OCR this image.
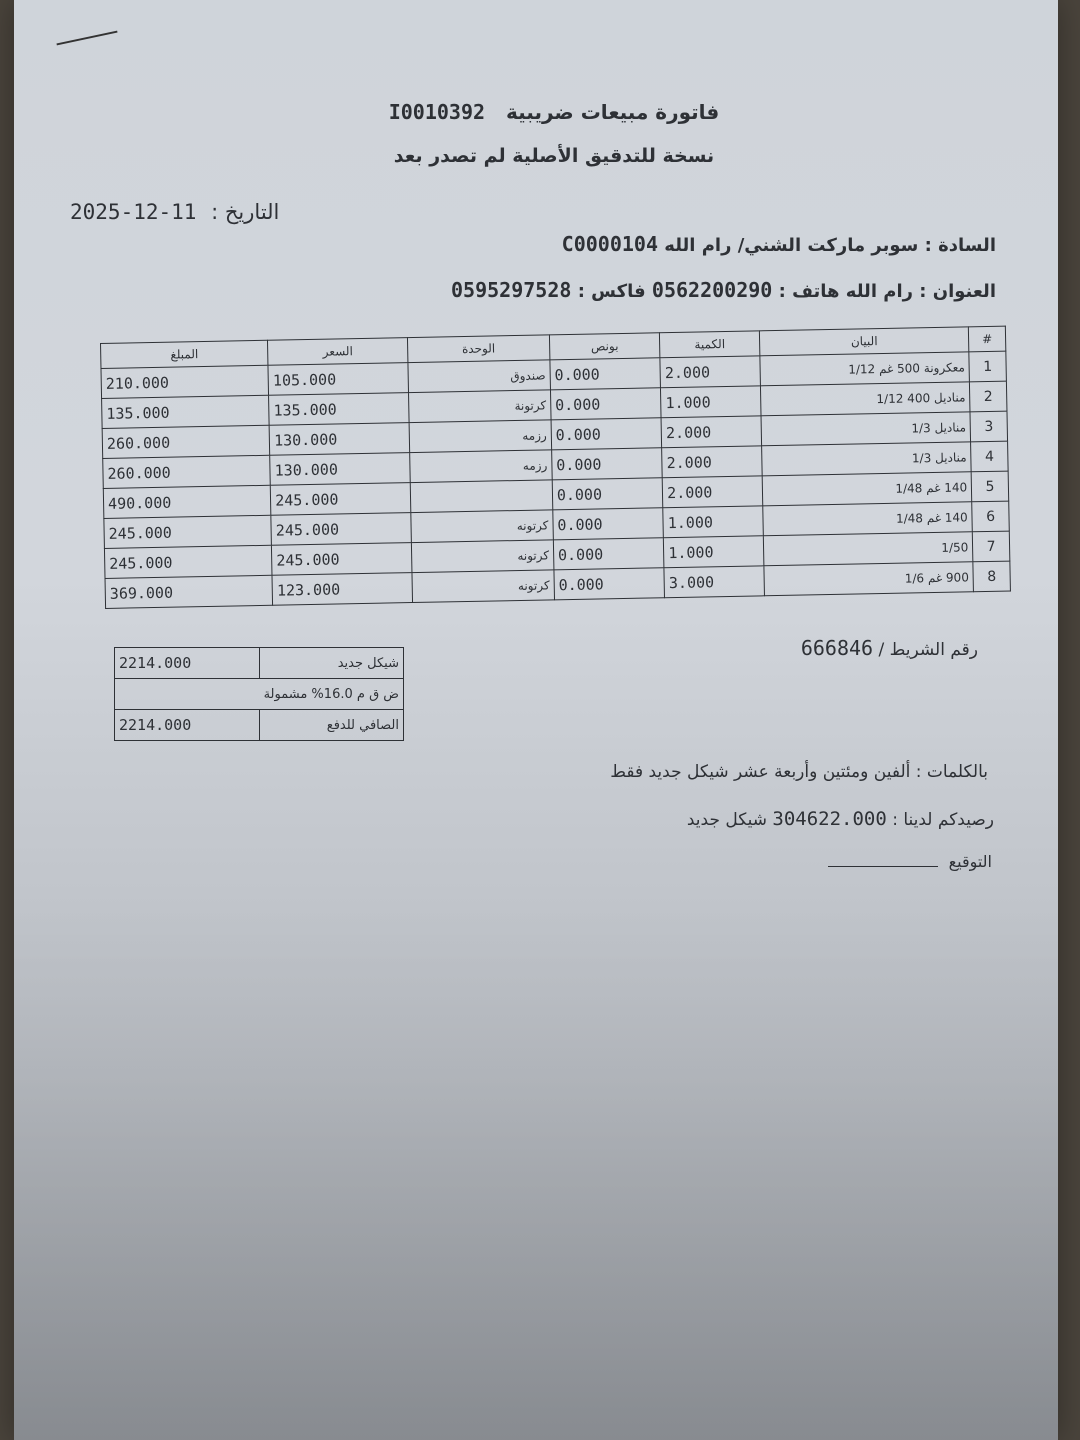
فاتورة مبيعات ضريبية I0010392
نسخة للتدقيق الأصلية لم تصدر بعد
التاريخ : 2025-12-11
السادة : سوبر ماركت الشني/ رام الله C0000104
العنوان : رام الله هاتف : 0562200290 فاكس : 0595297528
#	البيان	الكمية	بونص	الوحدة	السعر	المبلغ
1	معكرونة 500 غم 1/12	2.000	0.000	صندوق	105.000	210.000
2	مناديل 400 1/12	1.000	0.000	كرتونة	135.000	135.000
3	مناديل 1/3	2.000	0.000	رزمه	130.000	260.000
4	مناديل 1/3	2.000	0.000	رزمه	130.000	260.000
5	140 غم 1/48	2.000	0.000		245.000	490.000
6	140 غم 1/48	1.000	0.000	كرتونه	245.000	245.000
7	1/50	1.000	0.000	كرتونه	245.000	245.000
8	900 غم 1/6	3.000	0.000	كرتونه	123.000	369.000
رقم الشريط / 666846
شيكل جديد	2214.000
ض ق م 16.0% مشمولة	
الصافي للدفع	2214.000
بالكلمات : ألفين ومئتين وأربعة عشر شيكل جديد فقط
رصيدكم لدينا : 304622.000 شيكل جديد
التوقيع
